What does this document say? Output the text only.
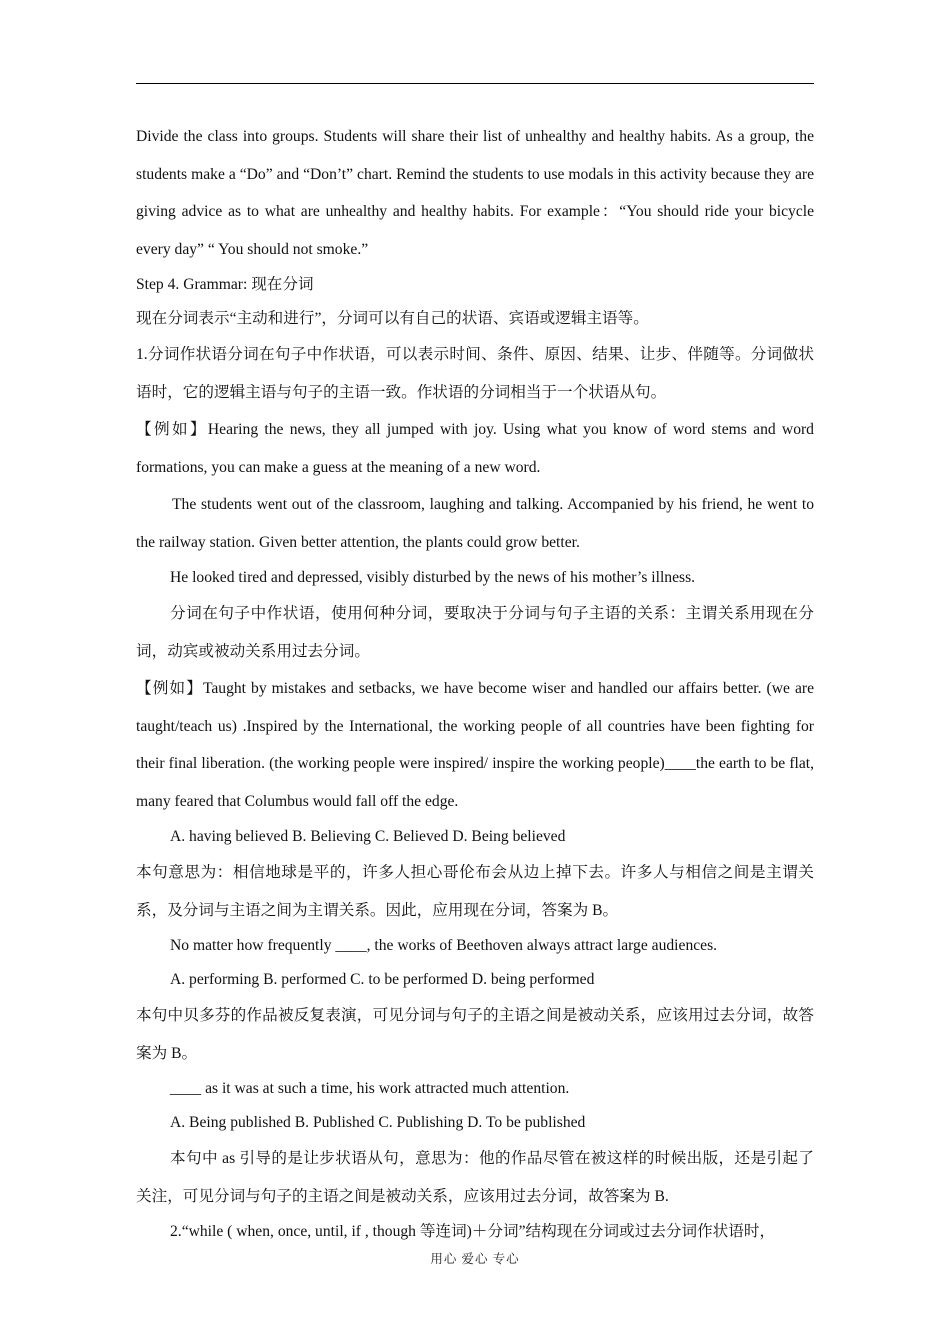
Divide the class into groups. Students will share their list of unhealthy and healthy habits. As a group, the students make a “Do” and “Don’t” chart. Remind the students to use modals in this activity because they are giving advice as to what are unhealthy and healthy habits. For example：“You should ride your bicycle every day” “ You should not smoke.”

Step 4. Grammar: 现在分词

现在分词表示“主动和进行”，分词可以有自己的状语、宾语或逻辑主语等。

1.分词作状语分词在句子中作状语，可以表示时间、条件、原因、结果、让步、伴随等。分词做状语时，它的逻辑主语与句子的主语一致。作状语的分词相当于一个状语从句。

【例如】Hearing the news, they all jumped with joy. Using what you know of word stems and word formations, you can make a guess at the meaning of a new word.

The students went out of the classroom, laughing and talking. Accompanied by his friend, he went to the railway station. Given better attention, the plants could grow better.

He looked tired and depressed, visibly disturbed by the news of his mother’s illness.

分词在句子中作状语，使用何种分词，要取决于分词与句子主语的关系：主谓关系用现在分词，动宾或被动关系用过去分词。

【例如】Taught by mistakes and setbacks, we have become wiser and handled our affairs better. (we are taught/teach us) .Inspired by the International, the working people of all countries have been fighting for their final liberation. (the working people were inspired/ inspire the working people)____the earth to be flat, many feared that Columbus would fall off the edge.

A. having believed B. Believing C. Believed D. Being believed

本句意思为：相信地球是平的，许多人担心哥伦布会从边上掉下去。许多人与相信之间是主谓关系，及分词与主语之间为主谓关系。因此，应用现在分词，答案为 B。

No matter how frequently ____, the works of Beethoven always attract large audiences.

A. performing B. performed C. to be performed D. being performed

本句中贝多芬的作品被反复表演，可见分词与句子的主语之间是被动关系，应该用过去分词，故答案为 B。

____ as it was at such a time, his work attracted much attention.

A. Being published B. Published C. Publishing D. To be published

本句中 as 引导的是让步状语从句，意思为：他的作品尽管在被这样的时候出版，还是引起了关注，可见分词与句子的主语之间是被动关系，应该用过去分词，故答案为 B.

2.“while ( when, once, until, if , though 等连词)＋分词”结构现在分词或过去分词作状语时，

用心 爱心 专心
